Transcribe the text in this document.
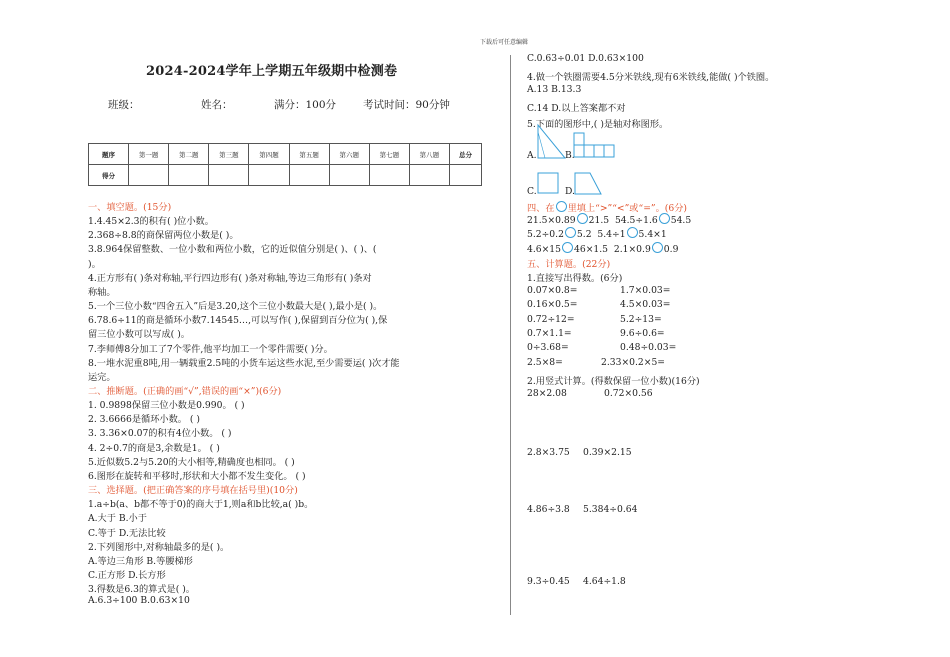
下载后可任意编辑
2024-2024学年上学期五年级期中检测卷
班级：	姓名：	满分：100分	考试时间：90分钟
题序	第一题	第二题	第三题	第四题	第五题	第六题	第七题	第八题	总分
得分									
一、填空题。(15分)
1.4.45×2.3的积有( )位小数。
2.368÷8.8的商保留两位小数是( )。
3.8.964保留整数、一位小数和两位小数，它的近似值分别是( )、( )、(
)。
4.正方形有( )条对称轴,平行四边形有( )条对称轴,等边三角形有( )条对
称轴。
5.一个三位小数“四舍五入”后是3.20,这个三位小数最大是( ),最小是( )。
6.78.6÷11的商是循环小数7.14545…,可以写作( ),保留到百分位为( ),保
留三位小数可以写成( )。
7.李师傅8分加工了7个零件,他平均加工一个零件需要( )分。
8.一堆水泥重8吨,用一辆载重2.5吨的小货车运这些水泥,至少需要运( )次才能
运完。
二、推断题。(正确的画“√”,错误的画“×”)(6分)
1. 0.9898保留三位小数是0.990。 ( )
2. 3.6666是循环小数。 ( )
3. 3.36×0.07的积有4位小数。 ( )
4. 2÷0.7的商是3,余数是1。 ( )
5.近似数5.2与5.20的大小相等,精确度也相同。 ( )
6.图形在旋转和平移时,形状和大小都不发生变化。 ( )
三、选择题。(把正确答案的序号填在括号里)(10分)
1.a÷b(a、b都不等于0)的商大于1,则a和b比较,a( )b。
A.大于 B.小于
C.等于 D.无法比较
2.下列图形中,对称轴最多的是( )。
A.等边三角形 B.等腰梯形
C.正方形 D.长方形
3.得数是6.3的算式是( )。
A.6.3÷100 B.0.63×10
C.0.63÷0.01 D.0.63×100
4.做一个铁圈需要4.5分米铁线,现有6米铁线,能做( )个铁圈。
A.13 B.13.3
C.14 D.以上答案都不对
5.下面的图形中,( )是轴对称图形。
A.	B.
C.	D.
四、在 里填上“>”“<”或“=”。(6分)
21.5×0.89 21.5 54.5÷1.6 54.5
5.2÷0.2 5.2 5.4÷1 5.4×1
4.6×15 46×1.5 2.1×0.9 0.9
五、计算题。(22分)
1.直接写出得数。(6分)
0.07×0.8=	1.7×0.03=
0.16×0.5=	4.5×0.03=
0.72÷12=	5.2÷13=
0.7×1.1=	9.6÷0.6=
0÷3.68=	0.48÷0.03=
2.5×8=	2.33×0.2×5=
2.用竖式计算。(得数保留一位小数)(16分)
28×2.08	0.72×0.56
2.8×3.75 0.39×2.15
4.86÷3.8 5.384÷0.64
9.3÷0.45 4.64÷1.8
